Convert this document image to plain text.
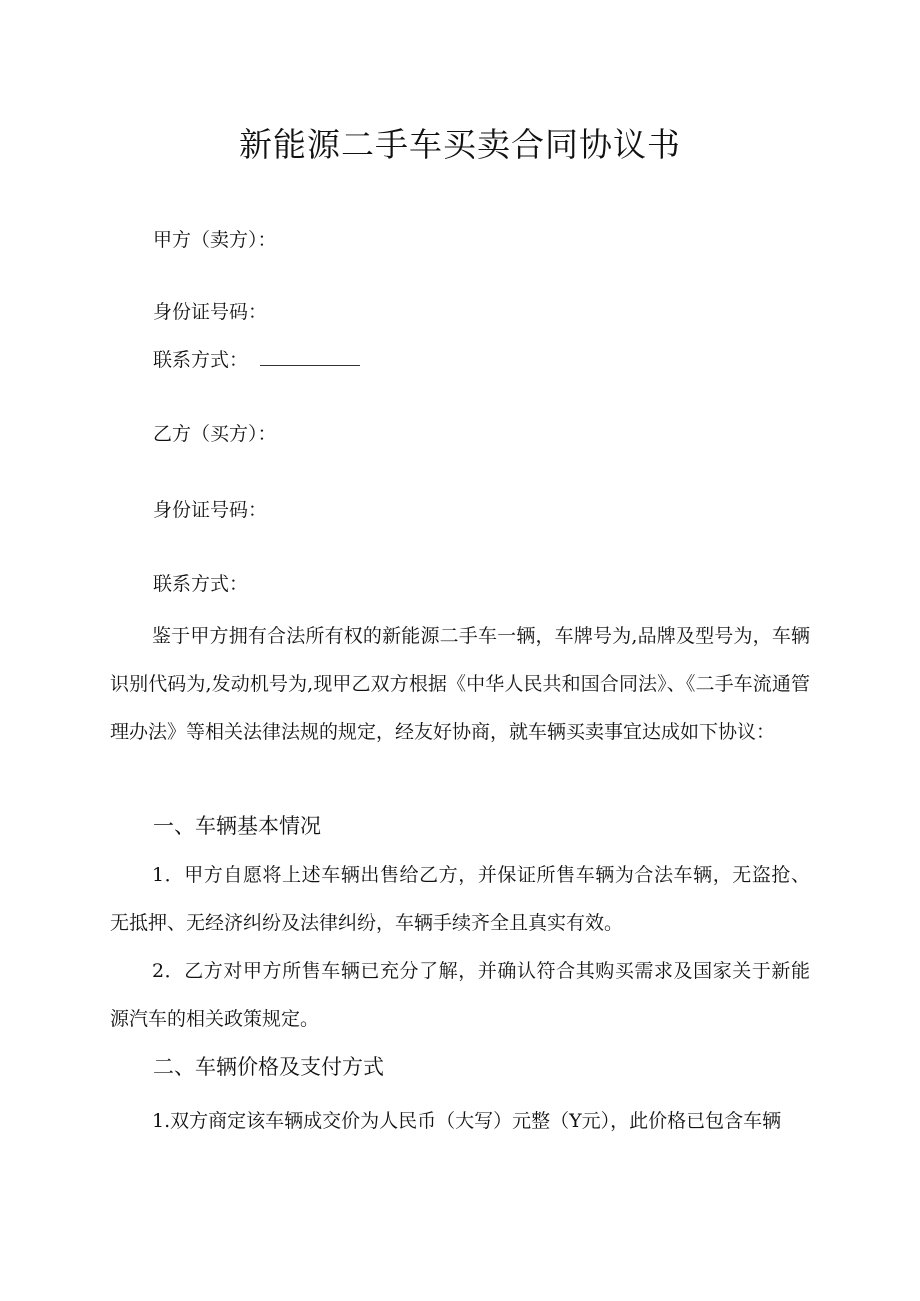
新能源二手车买卖合同协议书
甲方（卖方）：
身份证号码：
联系方式：
乙方（买方）：
身份证号码：
联系方式：

鉴于甲方拥有合法所有权的新能源二手车一辆，车牌号为,品牌及型号为，车辆识别代码为,发动机号为,现甲乙双方根据《中华人民共和国合同法》、《二手车流通管理办法》等相关法律法规的规定，经友好协商，就车辆买卖事宜达成如下协议：

一、车辆基本情况

1．甲方自愿将上述车辆出售给乙方，并保证所售车辆为合法车辆，无盗抢、无抵押、无经济纠纷及法律纠纷，车辆手续齐全且真实有效。

2．乙方对甲方所售车辆已充分了解，并确认符合其购买需求及国家关于新能源汽车的相关政策规定。

二、车辆价格及支付方式

1.双方商定该车辆成交价为人民币（大写）元整（Y元），此价格已包含车辆
